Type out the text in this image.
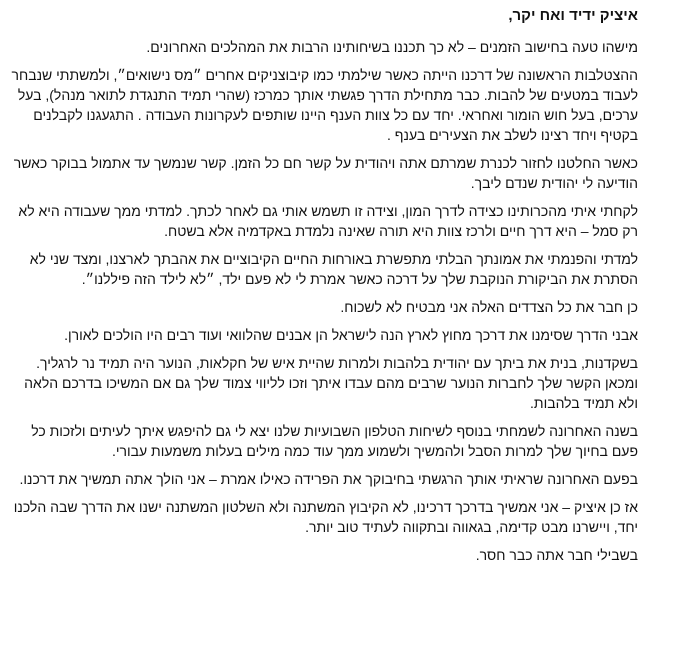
איציק ידיד ואח יקר,

מישהו טעה בחישוב הזמנים – לא כך תכננו בשיחותינו הרבות את המהלכים האחרונים.

ההצטלבות הראשונה של דרכנו הייתה כאשר שילמתי כמו קיבוצניקים אחרים ״מס נישואים״, ולמשתתי שנבחר לעבוד במטעים של להבות. כבר מתחילת הדרך פגשתי אותך כמרכז (שהרי תמיד התנגדת לתואר מנהל), בעל ערכים, בעל חוש הומור ואחראי. יחד עם כל צוות הענף היינו שותפים לעקרונות העבודה . התגעגנו לקבלנים בקטיף ויחד רצינו לשלב את הצעירים בענף .

כאשר החלטנו לחזור לכנרת שמרתם אתה ויהודית על קשר חם כל הזמן. קשר שנמשך עד אתמול בבוקר כאשר הודיעה לי יהודית שנדם ליבך.

לקחתי איתי מהכרותינו כצידה לדרך המון, וצידה זו תשמש אותי גם לאחר לכתך. למדתי ממך שעבודה היא לא רק סמל – היא דרך חיים ולרכז צוות היא תורה שאינה נלמדת באקדמיה אלא בשטח.

למדתי והפנמתי את אמונתך הבלתי מתפשרת באורחות החיים הקיבוציים את אהבתך לארצנו, ומצד שני לא הסתרת את הביקורת הנוקבת שלך על דרכה כאשר אמרת לי לא פעם ילד, ״לא לילד הזה פיללנו״.

כן חבר את כל הצדדים האלה אני מבטיח לא לשכוח.

אבני הדרך שסימנו את דרכך מחוץ לארץ הנה לישראל הן אבנים שהלוואי ועוד רבים היו הולכים לאורן.

בשקדנות, בנית את ביתך עם יהודית בלהבות ולמרות שהיית איש של חקלאות, הנוער היה תמיד נר לרגליך. ומכאן הקשר שלך לחברות הנוער שרבים מהם עבדו איתך וזכו לליווי צמוד שלך גם אם המשיכו בדרכם הלאה ולא תמיד בלהבות.

בשנה האחרונה לשמחתי בנוסף לשיחות הטלפון השבועיות שלנו יצא לי גם להיפגש איתך לעיתים ולזכות כל פעם בחיוך שלך למרות הסבל ולהמשיך ולשמוע ממך עוד כמה מילים בעלות משמעות עבורי.

בפעם האחרונה שראיתי אותך הרגשתי בחיבוקך את הפרידה כאילו אמרת – אני הולך אתה תמשיך את דרכנו.

אז כן איציק – אני אמשיך בדרכך דרכינו, לא הקיבוץ המשתנה ולא השלטון המשתנה ישנו את הדרך שבה הלכנו יחד, ויישרנו מבט קדימה, בגאווה ובתקווה לעתיד טוב יותר.

בשבילי חבר אתה כבר חסר.
